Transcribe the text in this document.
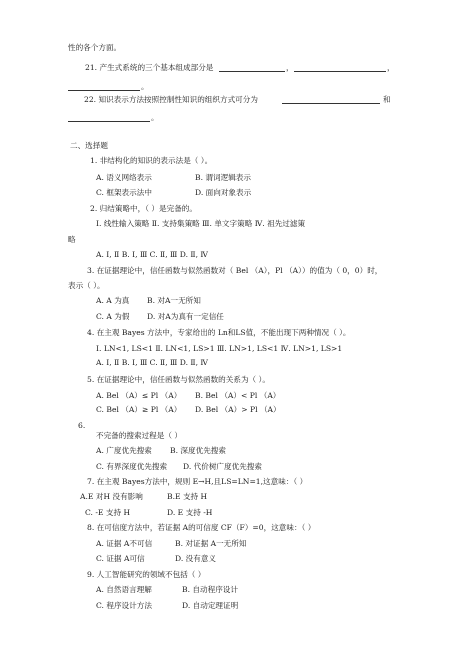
性的各个方面。
21. 产生式系统的三个基本组成部分是	，	，
。
22. 知识表示方法按照控制性知识的组织方式可分为	和
。
二、选择题
1. 非结构化的知识的表示法是（ ）。
A. 语义网络表示	B. 谓词逻辑表示
C. 框架表示法中	D. 面向对象表示
2. 归结策略中，（ ）是完备的。
Ⅰ. 线性输入策略 Ⅱ. 支持集策略 Ⅲ. 单文字策略 Ⅳ. 祖先过滤策
略
A. Ⅰ, Ⅱ B. Ⅰ, Ⅲ C. Ⅱ, Ⅲ D. Ⅱ, Ⅳ
3. 在证据理论中，信任函数与似然函数对（ Bel （A），Pl （A））的值为（ 0，0）时，
表示（ ）。
A. A 为真 B. 对A一无所知
C. A 为假 D. 对A为真有一定信任
4. 在主观 Bayes 方法中，专家给出的 Ln和LS值，不能出现下两种情况（ ）。
Ⅰ. LN<1, LS<1 Ⅱ. LN<1, LS>1 Ⅲ. LN>1, LS<1 Ⅳ. LN>1, LS>1
A. Ⅰ, Ⅱ B. Ⅰ, Ⅲ C. Ⅱ, Ⅲ D. Ⅱ, Ⅳ
5. 在证据理论中，信任函数与似然函数的关系为（ ）。
A. Bel （A）≤ Pl （A） B. Bel （A）< Pl （A）
C. Bel （A）≥ Pl （A） D. Bel （A）> Pl （A）
6.
不完备的搜索过程是（ ）
A. 广度优先搜索 B. 深度优先搜索
C. 有界深度优先搜索 D. 代价树广度优先搜索
7. 在主观 Bayes方法中，规则 E→H,且LS=LN=1,这意味：（ ）
A.E 对H 没有影响	B.E 支持 H
C. -E 支持 H	D. E 支持 -H
8. 在可信度方法中，若证据 A的可信度 CF（F）=0，这意味：（ ）
A. 证据 A不可信	B. 对证据 A一无所知
C. 证据 A可信	D. 没有意义
9. 人工智能研究的领域不包括（ ）
A. 自然语言理解	B. 自动程序设计
C. 程序设计方法	D. 自动定理证明
